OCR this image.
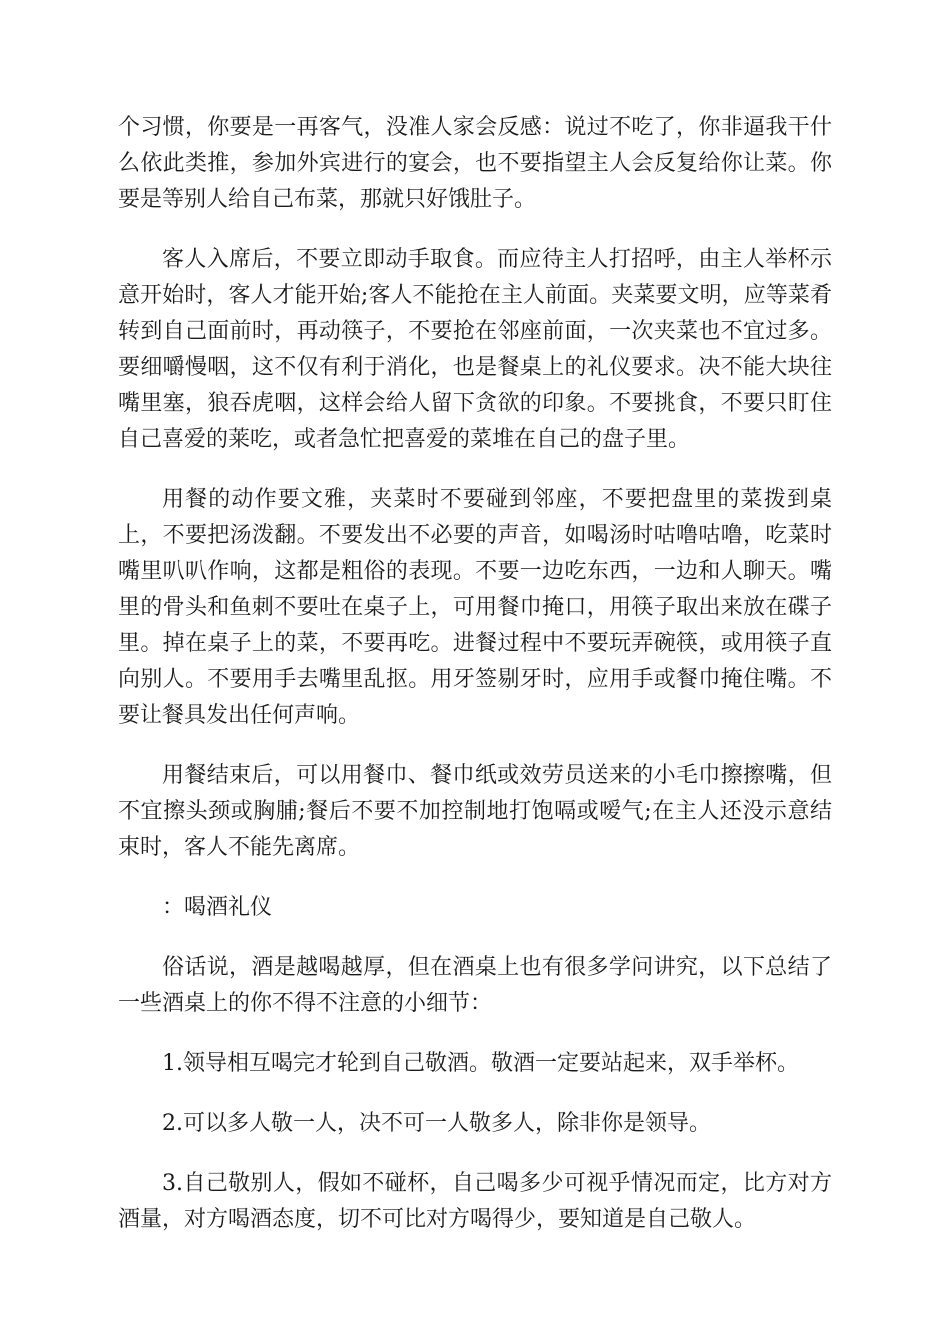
个习惯，你要是一再客气，没准人家会反感：说过不吃了，你非逼我干什么依此类推，参加外宾进行的宴会，也不要指望主人会反复给你让菜。你要是等别人给自己布菜，那就只好饿肚子。

客人入席后，不要立即动手取食。而应待主人打招呼，由主人举杯示意开始时，客人才能开始;客人不能抢在主人前面。夹菜要文明，应等菜肴转到自己面前时，再动筷子，不要抢在邻座前面，一次夹菜也不宜过多。要细嚼慢咽，这不仅有利于消化，也是餐桌上的礼仪要求。决不能大块往嘴里塞，狼吞虎咽，这样会给人留下贪欲的印象。不要挑食，不要只盯住自己喜爱的莱吃，或者急忙把喜爱的菜堆在自己的盘子里。

用餐的动作要文雅，夹菜时不要碰到邻座，不要把盘里的菜拨到桌上，不要把汤泼翻。不要发出不必要的声音，如喝汤时咕噜咕噜，吃菜时嘴里叭叭作响，这都是粗俗的表现。不要一边吃东西，一边和人聊天。嘴里的骨头和鱼刺不要吐在桌子上，可用餐巾掩口，用筷子取出来放在碟子里。掉在桌子上的菜，不要再吃。进餐过程中不要玩弄碗筷，或用筷子直向别人。不要用手去嘴里乱抠。用牙签剔牙时，应用手或餐巾掩住嘴。不要让餐具发出任何声响。

用餐结束后，可以用餐巾、餐巾纸或效劳员送来的小毛巾擦擦嘴，但不宜擦头颈或胸脯;餐后不要不加控制地打饱嗝或嗳气;在主人还没示意结束时，客人不能先离席。

：喝酒礼仪

俗话说，酒是越喝越厚，但在酒桌上也有很多学问讲究，以下总结了一些酒桌上的你不得不注意的小细节：

1.领导相互喝完才轮到自己敬酒。敬酒一定要站起来，双手举杯。

2.可以多人敬一人，决不可一人敬多人，除非你是领导。

3.自己敬别人，假如不碰杯，自己喝多少可视乎情况而定，比方对方酒量，对方喝酒态度，切不可比对方喝得少，要知道是自己敬人。
